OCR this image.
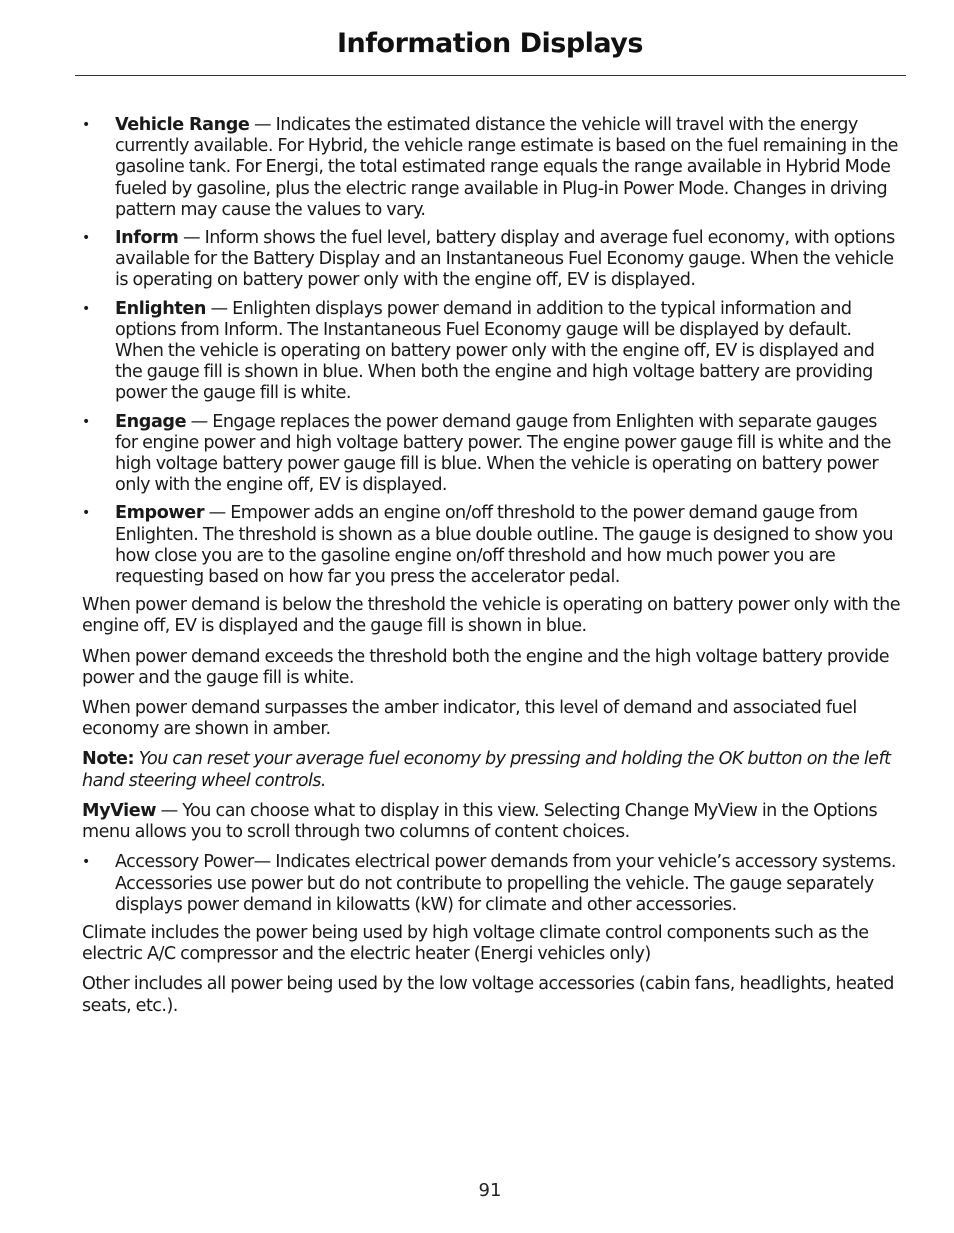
Information Displays
• Vehicle Range — Indicates the estimated distance the vehicle will travel with the energy currently available. For Hybrid, the vehicle range estimate is based on the fuel remaining in the gasoline tank. For Energi, the total estimated range equals the range available in Hybrid Mode fueled by gasoline, plus the electric range available in Plug-in Power Mode. Changes in driving pattern may cause the values to vary.
• Inform — Inform shows the fuel level, battery display and average fuel economy, with options available for the Battery Display and an Instantaneous Fuel Economy gauge. When the vehicle is operating on battery power only with the engine off, EV is displayed.
• Enlighten — Enlighten displays power demand in addition to the typical information and options from Inform. The Instantaneous Fuel Economy gauge will be displayed by default. When the vehicle is operating on battery power only with the engine off, EV is displayed and the gauge fill is shown in blue. When both the engine and high voltage battery are providing power the gauge fill is white.
• Engage — Engage replaces the power demand gauge from Enlighten with separate gauges for engine power and high voltage battery power. The engine power gauge fill is white and the high voltage battery power gauge fill is blue. When the vehicle is operating on battery power only with the engine off, EV is displayed.
• Empower — Empower adds an engine on/off threshold to the power demand gauge from Enlighten. The threshold is shown as a blue double outline. The gauge is designed to show you how close you are to the gasoline engine on/off threshold and how much power you are requesting based on how far you press the accelerator pedal.

When power demand is below the threshold the vehicle is operating on battery power only with the engine off, EV is displayed and the gauge fill is shown in blue.

When power demand exceeds the threshold both the engine and the high voltage battery provide power and the gauge fill is white.

When power demand surpasses the amber indicator, this level of demand and associated fuel economy are shown in amber.

Note: You can reset your average fuel economy by pressing and holding the OK button on the left hand steering wheel controls.

MyView — You can choose what to display in this view. Selecting Change MyView in the Options menu allows you to scroll through two columns of content choices.

• Accessory Power— Indicates electrical power demands from your vehicle’s accessory systems. Accessories use power but do not contribute to propelling the vehicle. The gauge separately displays power demand in kilowatts (kW) for climate and other accessories.

Climate includes the power being used by high voltage climate control components such as the electric A/C compressor and the electric heater (Energi vehicles only)

Other includes all power being used by the low voltage accessories (cabin fans, headlights, heated seats, etc.).

91
